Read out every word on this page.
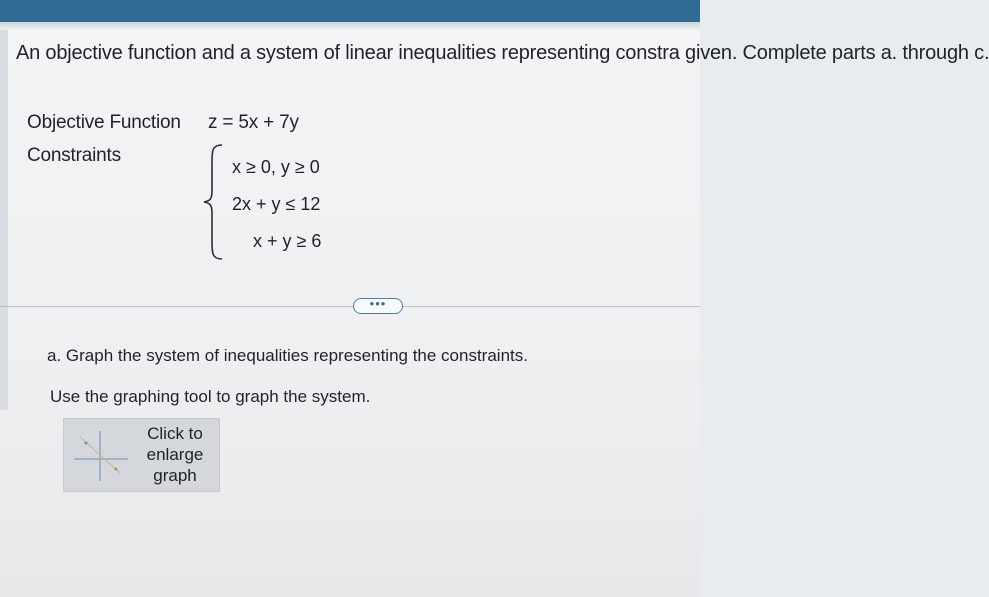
An objective function and a system of linear inequalities representing constra given. Complete parts a. through c.
Objective Function z = 5x + 7y
Constraints
x ≥ 0, y ≥ 0
2x + y ≤ 12
x + y ≥ 6
•••
a. Graph the system of inequalities representing the constraints.
Use the graphing tool to graph the system.
Click to enlarge graph
